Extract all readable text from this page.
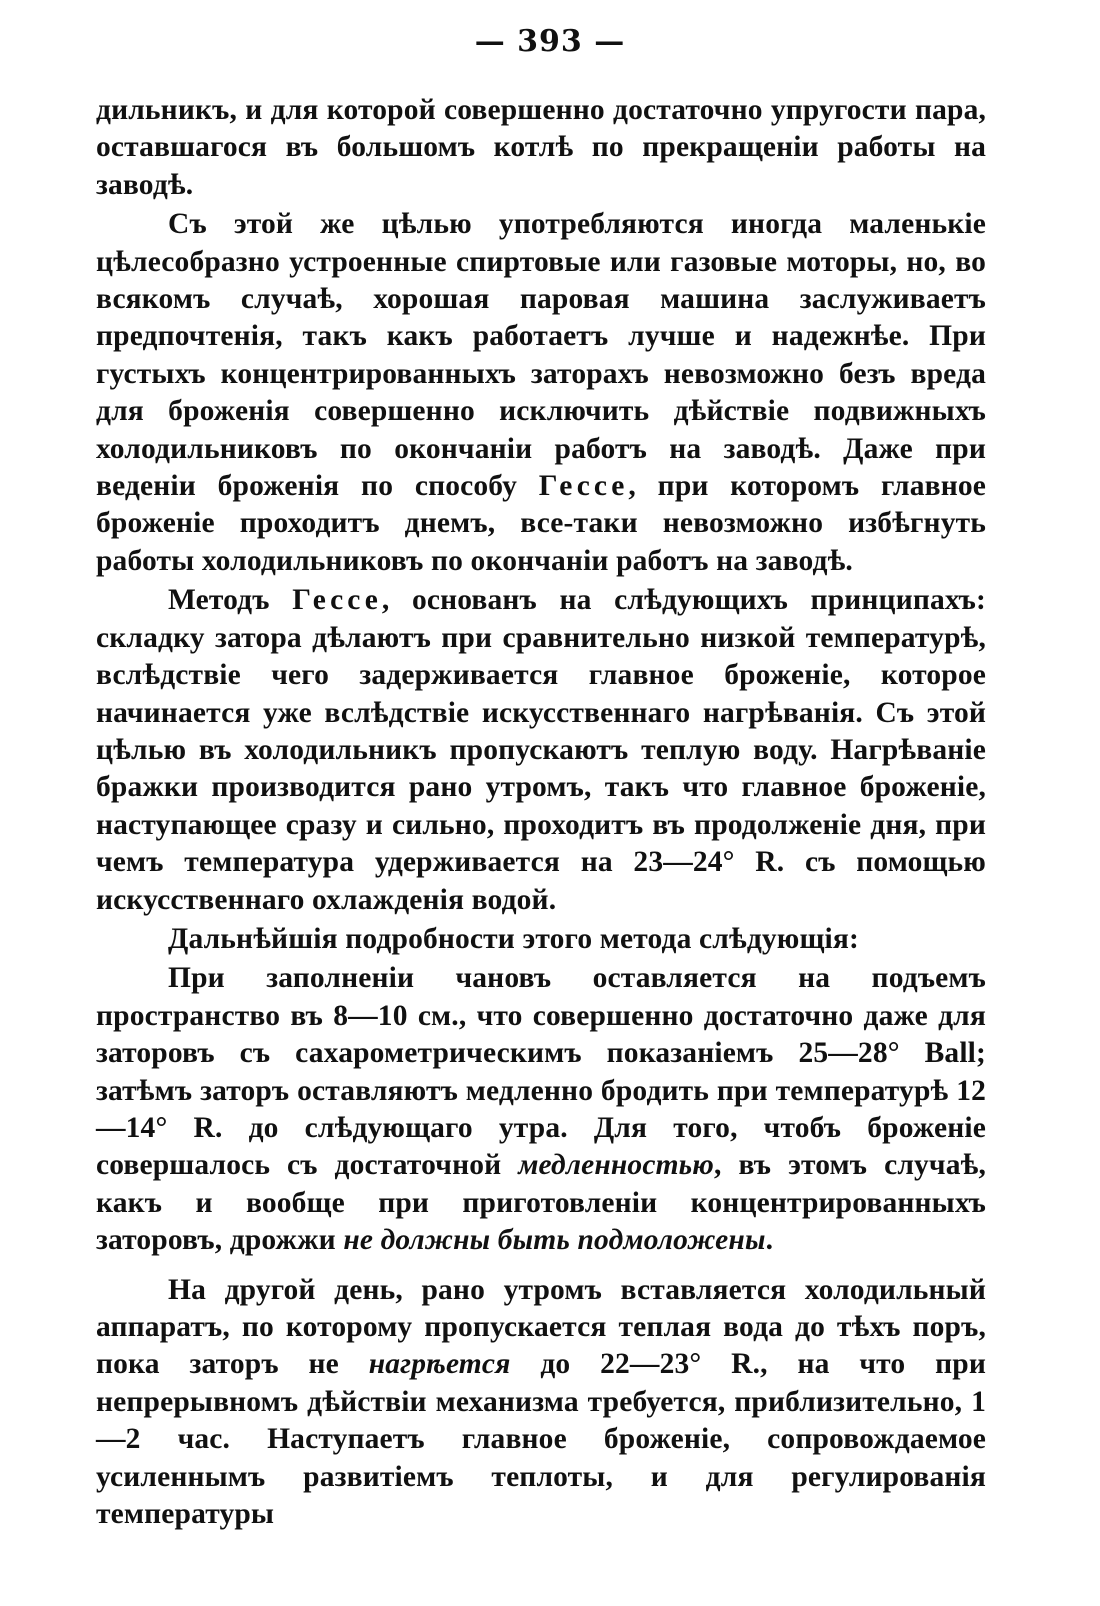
— 393 —

дильникъ, и для которой совершенно достаточно упругости пара, оставшагося въ большомъ котлѣ по прекращенiи работы на заводѣ.

Съ этой же цѣлью употребляются иногда маленькiе цѣлесобразно устроенные спиртовые или газовые моторы, но, во всякомъ случаѣ, хорошая паровая машина заслуживаетъ предпочтенiя, такъ какъ работаетъ лучше и надежнѣе. При густыхъ концентрированныхъ заторахъ невозможно безъ вреда для броженiя совершенно исключить дѣйствiе подвижныхъ холодильниковъ по окончанiи работъ на заводѣ. Даже при веденiи броженiя по способу Гессе, при которомъ главное броженiе проходитъ днемъ, все-таки невозможно избѣгнуть работы холодильниковъ по окончанiи работъ на заводѣ.

Методъ Гессе, основанъ на слѣдующихъ принципахъ: складку затора дѣлаютъ при сравнительно низкой температурѣ, вслѣдствiе чего задерживается главное броженiе, которое начинается уже вслѣдствiе искусственнаго нагрѣванiя. Съ этой цѣлью въ холодильникъ пропускаютъ теплую воду. Нагрѣванiе бражки производится рано утромъ, такъ что главное броженiе, наступающее сразу и сильно, проходитъ въ продолженiе дня, при чемъ температура удерживается на 23—24° R. съ помощью искусственнаго охлажденiя водой.

Дальнѣйшiя подробности этого метода слѣдующiя:

При заполненiи чановъ оставляется на подъемъ пространство въ 8—10 см., что совершенно достаточно даже для заторовъ съ сахарометрическимъ показанiемъ 25—28° Ball; затѣмъ заторъ оставляютъ медленно бродить при температурѣ 12—14° R. до слѣдующаго утра. Для того, чтобъ броженiе совершалось съ достаточной медленностью, въ этомъ случаѣ, какъ и вообще при приготовленiи концентрированныхъ заторовъ, дрожжи не должны быть подмоложены.

На другой день, рано утромъ вставляется холодильный аппаратъ, по которому пропускается теплая вода до тѣхъ поръ, пока заторъ не нагрѣется до 22—23° R., на что при непрерывномъ дѣйствiи механизма требуется, приблизительно, 1—2 час. Наступаетъ главное броженiе, сопровождаемое усиленнымъ развитiемъ теплоты, и для регулированiя температуры
